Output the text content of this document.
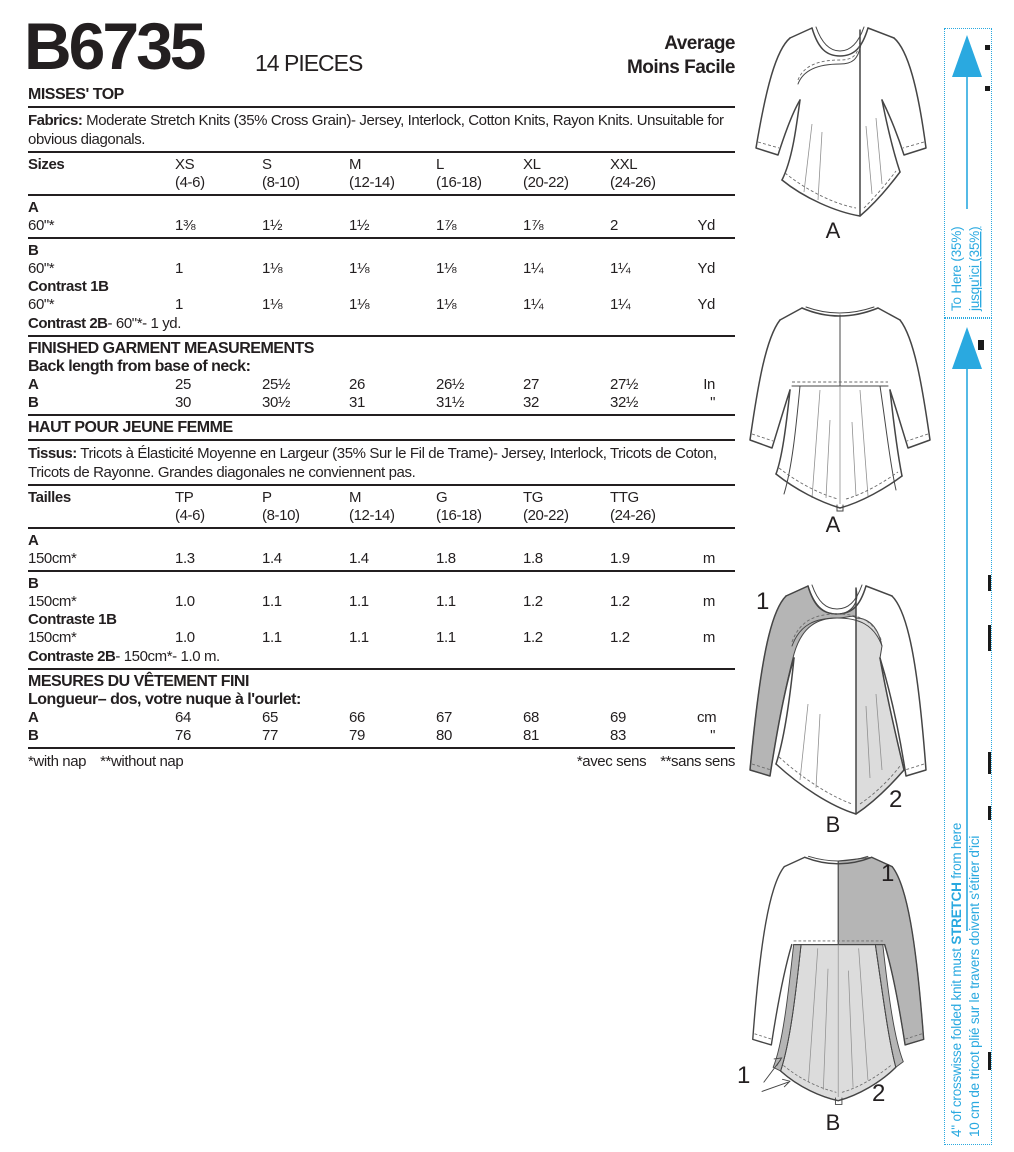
B6735 14 PIECES
Average
Moins Facile
MISSES' TOP
Fabrics: Moderate Stretch Knits (35% Cross Grain)- Jersey, Interlock, Cotton Knits, Rayon Knits. Unsuitable for obvious diagonals.
Sizes	XS	S	M	L	XL	XXL
(4-6)	(8-10)	(12-14)	(16-18)	(20-22)	(24-26)
A
60"*	1⅜	1½	1½	1⅞	1⅞	2	Yd
B
60"*	1	1⅛	1⅛	1⅛	1¼	1¼	Yd
Contrast 1B
60"*	1	1⅛	1⅛	1⅛	1¼	1¼	Yd
Contrast 2B- 60"*- 1 yd.
FINISHED GARMENT MEASUREMENTS
Back length from base of neck:
A	25	25½	26	26½	27	27½	In
B	30	30½	31	31½	32	32½	"
HAUT POUR JEUNE FEMME
Tissus: Tricots à Élasticité Moyenne en Largeur (35% Sur le Fil de Trame)- Jersey, Interlock, Tricots de Coton, Tricots de Rayonne. Grandes diagonales ne conviennent pas.
Tailles	TP	P	M	G	TG	TTG
(4-6)	(8-10)	(12-14)	(16-18)	(20-22)	(24-26)
A
150cm*	1.3	1.4	1.4	1.8	1.8	1.9	m
B
150cm*	1.0	1.1	1.1	1.1	1.2	1.2	m
Contraste 1B
150cm*	1.0	1.1	1.1	1.1	1.2	1.2	m
Contraste 2B- 150cm*- 1.0 m.
MESURES DU VÊTEMENT FINI
Longueur– dos, votre nuque à l'ourlet:
A	64	65	66	67	68	69	cm
B	76	77	79	80	81	83	"
*with nap **without nap	*avec sens **sans sens
A
A
1
2
B
1
1
2
B
To Here (35%) jusqu'ici (35%)
4" of crosswisse folded knit must STRETCH from here 10 cm de tricot plié sur le travers doivent s'étirer d'ici
